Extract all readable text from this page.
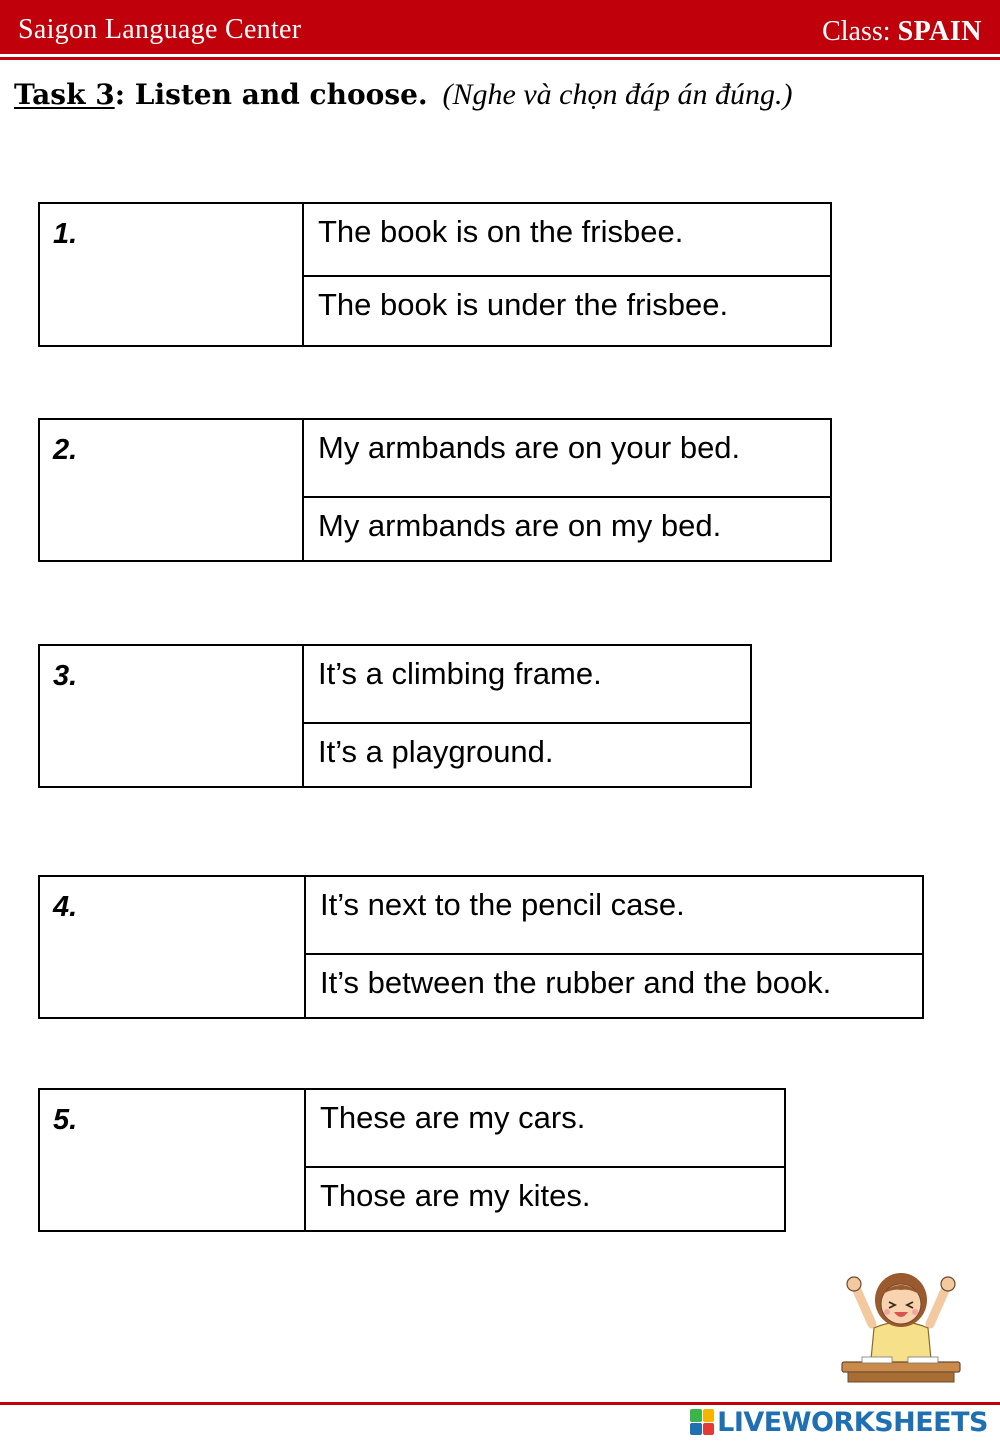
Saigon Language Center	Class: SPAIN
Task 3: Listen and choose. (Nghe và chọn đáp án đúng.)
1.	The book is on the frisbee.
The book is under the frisbee.
2.	My armbands are on your bed.
My armbands are on my bed.
3.	It’s a climbing frame.
It’s a playground.
4.	It’s next to the pencil case.
It’s between the rubber and the book.
5.	These are my cars.
Those are my kites.
LIVEWORKSHEETS
